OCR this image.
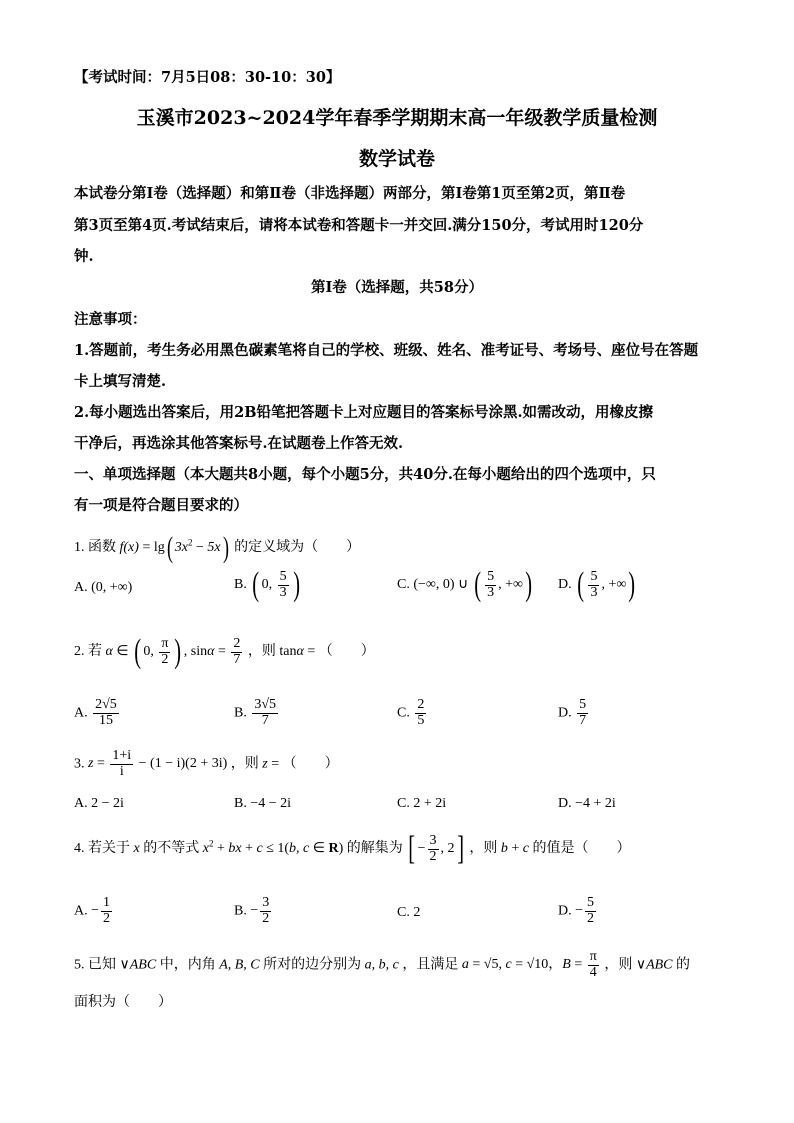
【考试时间：7月5日08：30-10：30】
玉溪市2023~2024学年春季学期期末高一年级教学质量检测
数学试卷
本试卷分第Ⅰ卷（选择题）和第Ⅱ卷（非选择题）两部分，第Ⅰ卷第1页至第2页，第Ⅱ卷
第3页至第4页.考试结束后，请将本试卷和答题卡一并交回.满分150分，考试用时120分
钟.
第Ⅰ卷（选择题，共58分）
注意事项：
1.答题前，考生务必用黑色碳素笔将自己的学校、班级、姓名、准考证号、考场号、座位号在答题
卡上填写清楚.
2.每小题选出答案后，用2B铅笔把答题卡上对应题目的答案标号涂黑.如需改动，用橡皮擦
干净后，再选涂其他答案标号.在试题卷上作答无效.
一、单项选择题（本大题共8小题，每个小题5分，共40分.在每小题给出的四个选项中，只
有一项是符合题目要求的）
1. 函数 f(x) = lg( $3x^2 - 5x$) 的定义域为（　　）
A. (0, +∞)	B. ( 0, $\frac{5}{3}$ )	C. (−∞, 0) ∪ ( $\frac{5}{3}$ , +∞) D. ( $\frac{5}{3}$ , +∞)
2. 若 α ∈ ( 0, $\frac{\pi}{2}$ ) , $\sin\alpha = \frac{2}{7}$ ，则 tanα = （　　）
A. $\frac{2√5}{15}$	B. $\frac{3√5}{7}$	C. $\frac{2}{5}$	D. $\frac{5}{7}$
3. $z = \frac{1+i}{i} - (1 - i)(2 + 3i)$ ，则 z = （　　）
A. 2 − 2i	B. −4 − 2i	C. 2 + 2i	D. −4 + 2i
4. 若关于 x 的不等式 $x^2$ + bx + c ≤ 1(b, c ∈ R) 的解集为 [ − $\frac{3}{2}$ , 2] ，则 b + c 的值是（　　）
A. − $\frac{1}{2}$	B. − $\frac{3}{2}$	C. 2	D. − $\frac{5}{2}$
5. 已知 ∨ABC 中，内角 A, B, C 所对的边分别为 a, b, c ，且满足 a = √5, c = √10，$B = \frac{\pi}{4}$ ，则 ∨ABC 的
面积为（　　）
